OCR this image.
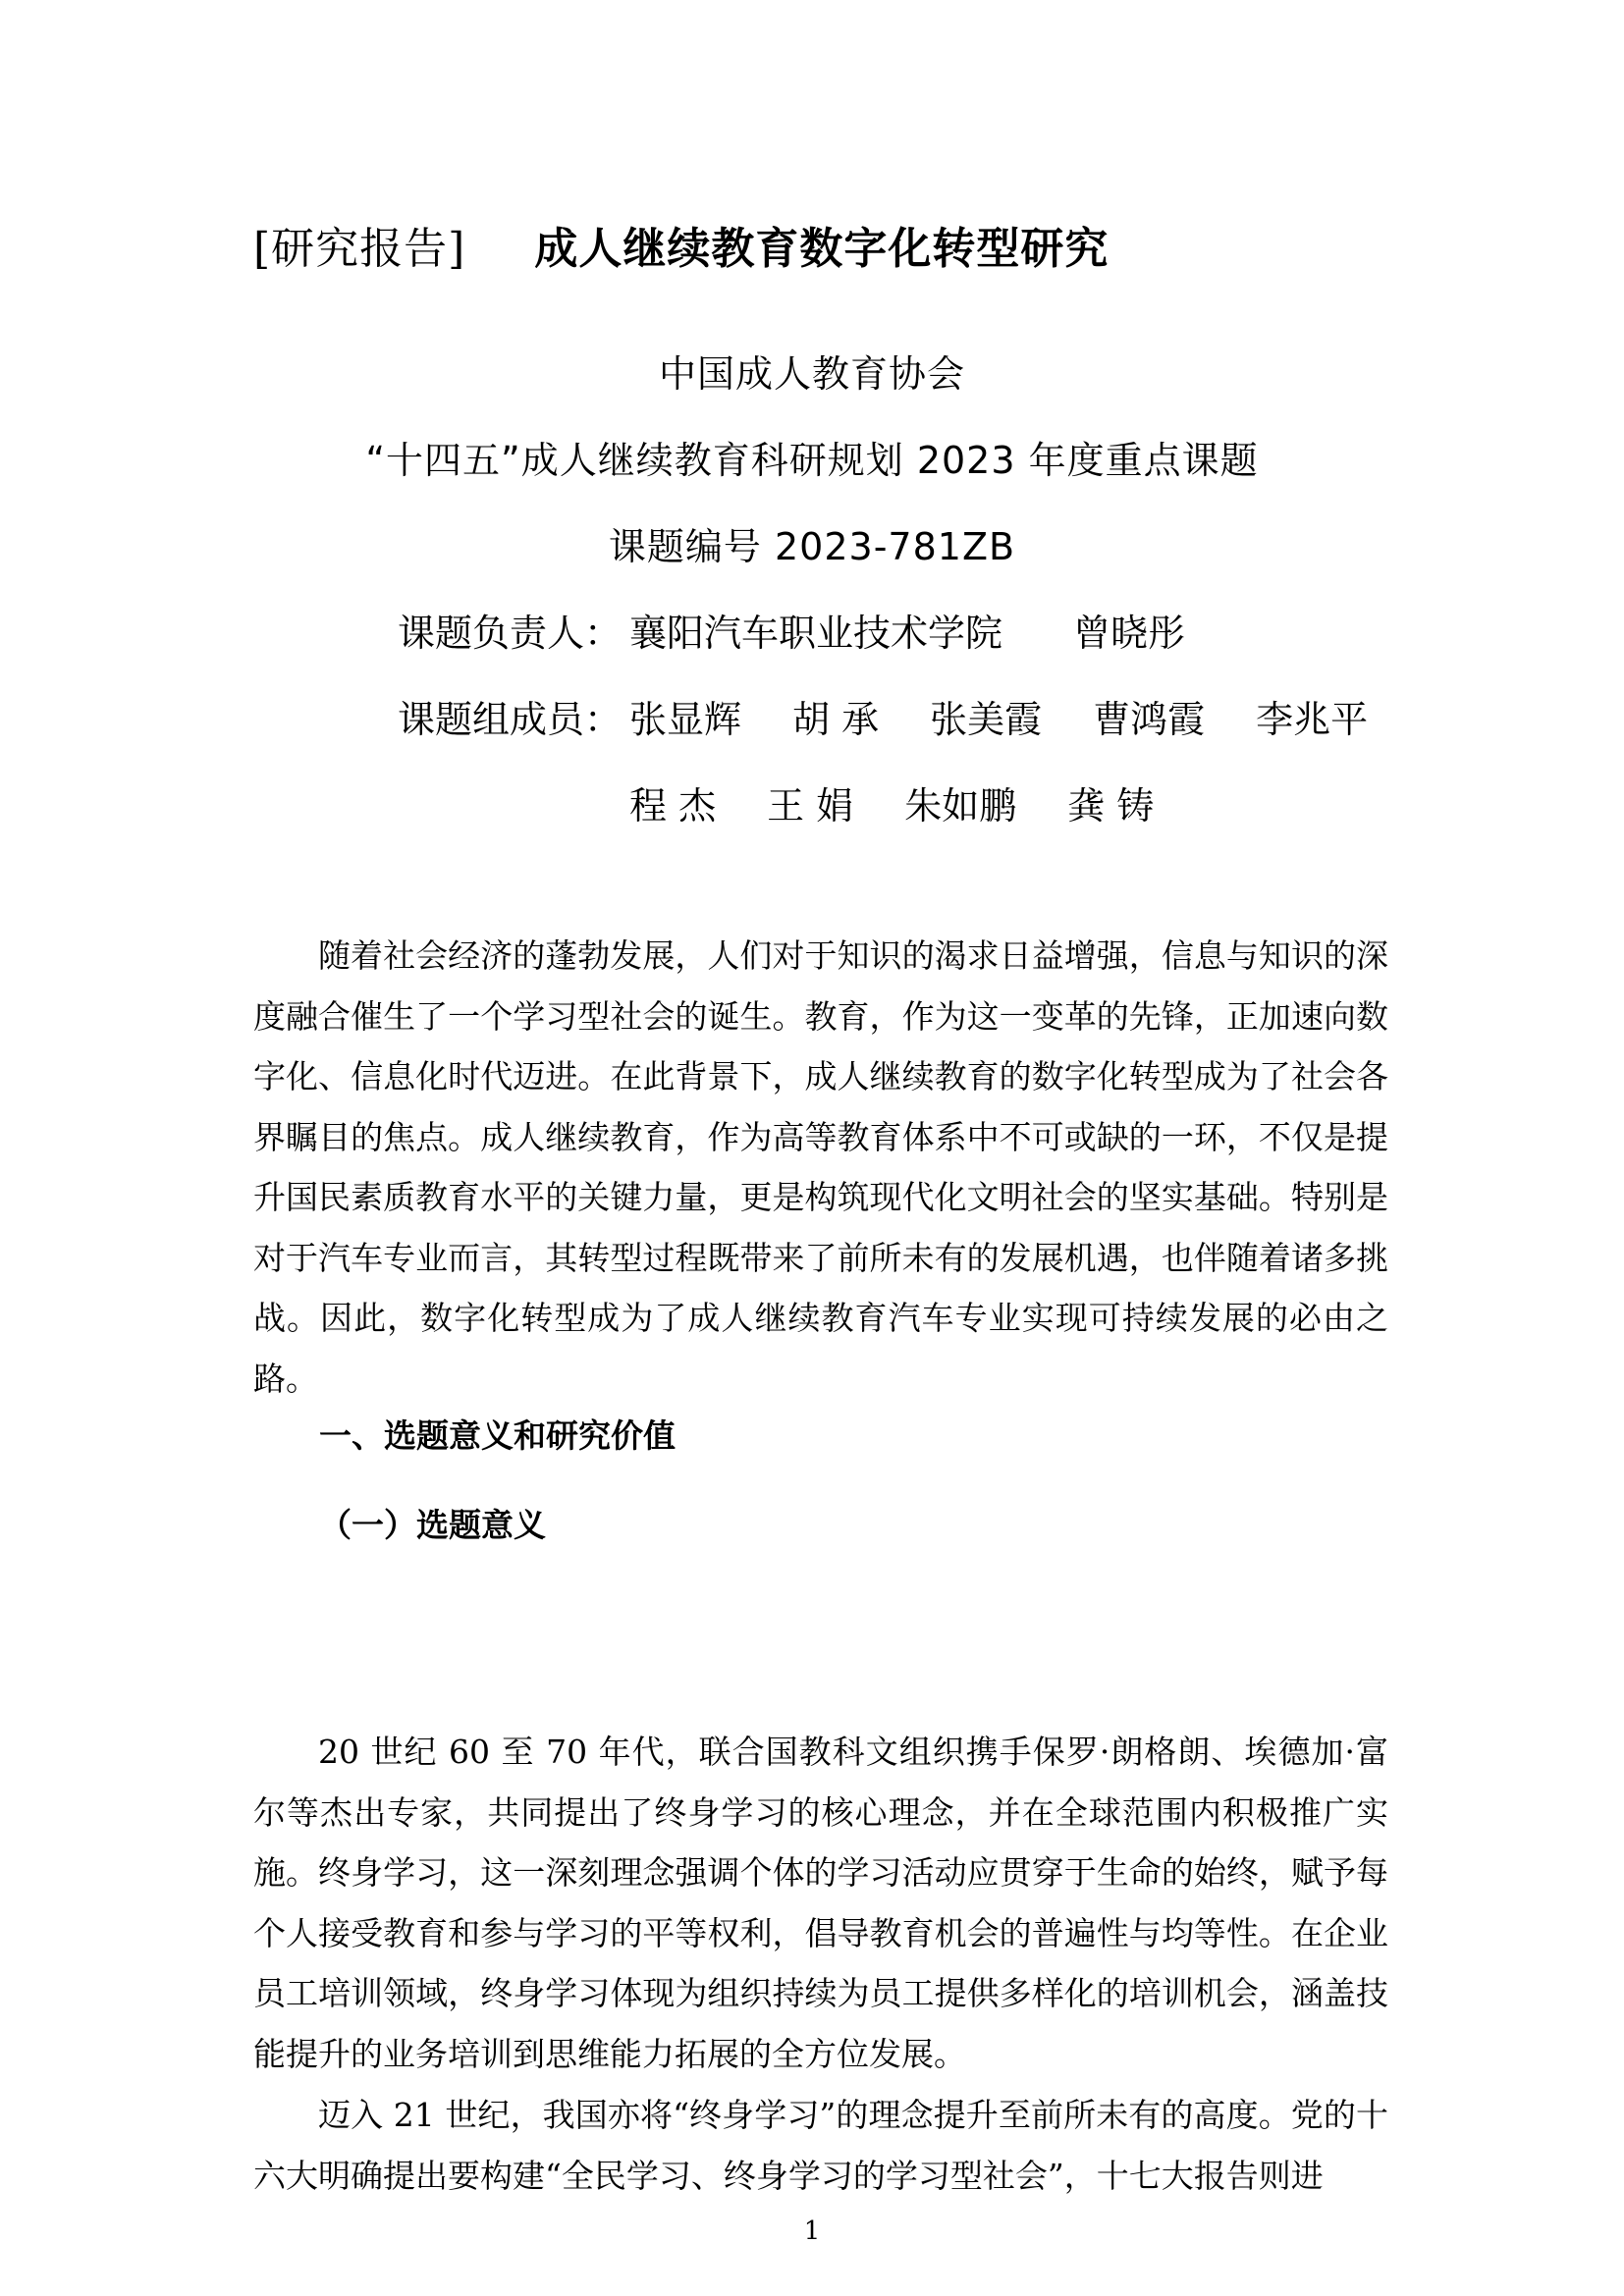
[研究报告] 成人继续教育数字化转型研究
中国成人教育协会
“十四五”成人继续教育科研规划 2023 年度重点课题
课题编号 2023-781ZB
课题负责人： 襄阳汽车职业技术学院 曾晓彤
课题组成员： 张显辉 胡 承 张美霞 曹鸿霞 李兆平
程 杰 王 娟 朱如鹏 龚 铸

随着社会经济的蓬勃发展，人们对于知识的渴求日益增强，信息与知识的深度融合催生了一个学习型社会的诞生。教育，作为这一变革的先锋，正加速向数字化、信息化时代迈进。在此背景下，成人继续教育的数字化转型成为了社会各界瞩目的焦点。成人继续教育，作为高等教育体系中不可或缺的一环，不仅是提升国民素质教育水平的关键力量，更是构筑现代化文明社会的坚实基础。特别是对于汽车专业而言，其转型过程既带来了前所未有的发展机遇，也伴随着诸多挑战。因此，数字化转型成为了成人继续教育汽车专业实现可持续发展的必由之路。

一、选题意义和研究价值
（一）选题意义

20 世纪 60 至 70 年代，联合国教科文组织携手保罗·朗格朗、埃德加·富尔等杰出专家，共同提出了终身学习的核心理念，并在全球范围内积极推广实施。终身学习，这一深刻理念强调个体的学习活动应贯穿于生命的始终，赋予每个人接受教育和参与学习的平等权利，倡导教育机会的普遍性与均等性。在企业员工培训领域，终身学习体现为组织持续为员工提供多样化的培训机会，涵盖技能提升的业务培训到思维能力拓展的全方位发展。

迈入 21 世纪，我国亦将“终身学习”的理念提升至前所未有的高度。党的十六大明确提出要构建“全民学习、终身学习的学习型社会”，十七大报告则进

1
